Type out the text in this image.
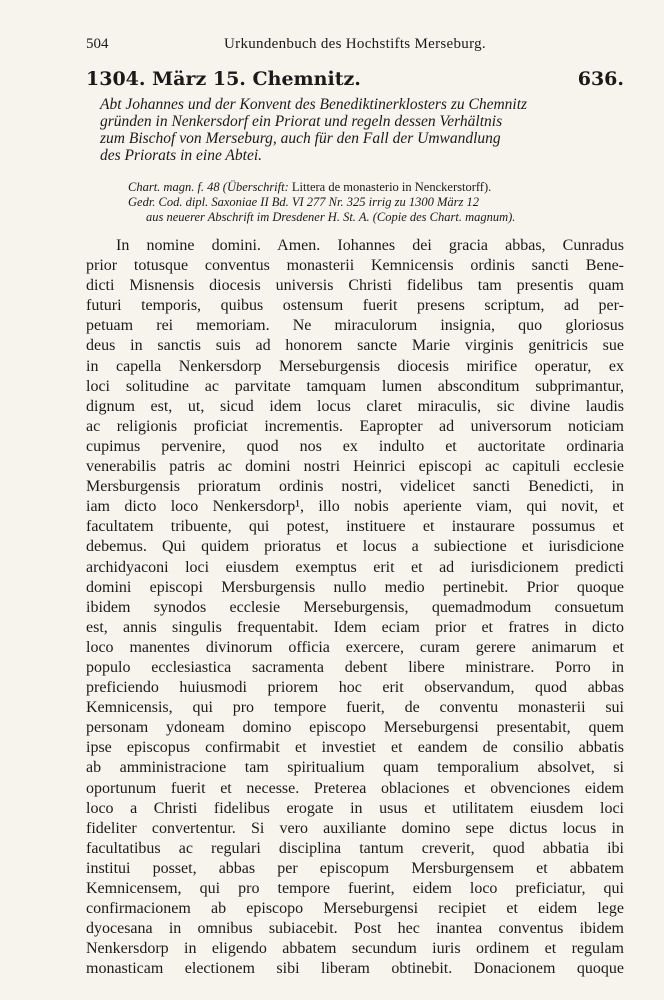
504	Urkundenbuch des Hochstifts Merseburg.
1304. März 15. Chemnitz.	636.
Abt Johannes und der Konvent des Benediktinerklosters zu Chemnitz
gründen in Nenkersdorf ein Priorat und regeln dessen Verhältnis
zum Bischof von Merseburg, auch für den Fall der Umwandlung
des Priorats in eine Abtei.
Chart. magn. f. 48 (Überschrift: Littera de monasterio in Nenckerstorff).
Gedr. Cod. dipl. Saxoniae II Bd. VI 277 Nr. 325 irrig zu 1300 März 12
aus neuerer Abschrift im Dresdener H. St. A. (Copie des Chart. magnum).
In nomine domini. Amen. Iohannes dei gracia abbas, Cunradus
prior totusque conventus monasterii Kemnicensis ordinis sancti Bene-
dicti Misnensis diocesis universis Christi fidelibus tam presentis quam
futuri temporis, quibus ostensum fuerit presens scriptum, ad per-
petuam rei memoriam. Ne miraculorum insignia, quo gloriosus
deus in sanctis suis ad honorem sancte Marie virginis genitricis sue
in capella Nenkersdorp Merseburgensis diocesis mirifice operatur, ex
loci solitudine ac parvitate tamquam lumen absconditum subprimantur,
dignum est, ut, sicud idem locus claret miraculis, sic divine laudis
ac religionis proficiat incrementis. Eapropter ad universorum noticiam
cupimus pervenire, quod nos ex indulto et auctoritate ordinaria
venerabilis patris ac domini nostri Heinrici episcopi ac capituli ecclesie
Mersburgensis prioratum ordinis nostri, videlicet sancti Benedicti, in
iam dicto loco Nenkersdorp¹, illo nobis aperiente viam, qui novit, et
facultatem tribuente, qui potest, instituere et instaurare possumus et
debemus. Qui quidem prioratus et locus a subiectione et iurisdicione
archidyaconi loci eiusdem exemptus erit et ad iurisdicionem predicti
domini episcopi Mersburgensis nullo medio pertinebit. Prior quoque
ibidem synodos ecclesie Merseburgensis, quemadmodum consuetum
est, annis singulis frequentabit. Idem eciam prior et fratres in dicto
loco manentes divinorum officia exercere, curam gerere animarum et
populo ecclesiastica sacramenta debent libere ministrare. Porro in
preficiendo huiusmodi priorem hoc erit observandum, quod abbas
Kemnicensis, qui pro tempore fuerit, de conventu monasterii sui
personam ydoneam domino episcopo Merseburgensi presentabit, quem
ipse episcopus confirmabit et investiet et eandem de consilio abbatis
ab amministracione tam spiritualium quam temporalium absolvet, si
oportunum fuerit et necesse. Preterea oblaciones et obvenciones eidem
loco a Christi fidelibus erogate in usus et utilitatem eiusdem loci
fideliter convertentur. Si vero auxiliante domino sepe dictus locus in
facultatibus ac regulari disciplina tantum creverit, quod abbatia ibi
institui posset, abbas per episcopum Mersburgensem et abbatem
Kemnicensem, qui pro tempore fuerint, eidem loco preficiatur, qui
confirmacionem ab episcopo Merseburgensi recipiet et eidem lege
dyocesana in omnibus subiacebit. Post hec inantea conventus ibidem
Nenkersdorp in eligendo abbatem secundum iuris ordinem et regulam
monasticam electionem sibi liberam obtinebit. Donacionem quoque
